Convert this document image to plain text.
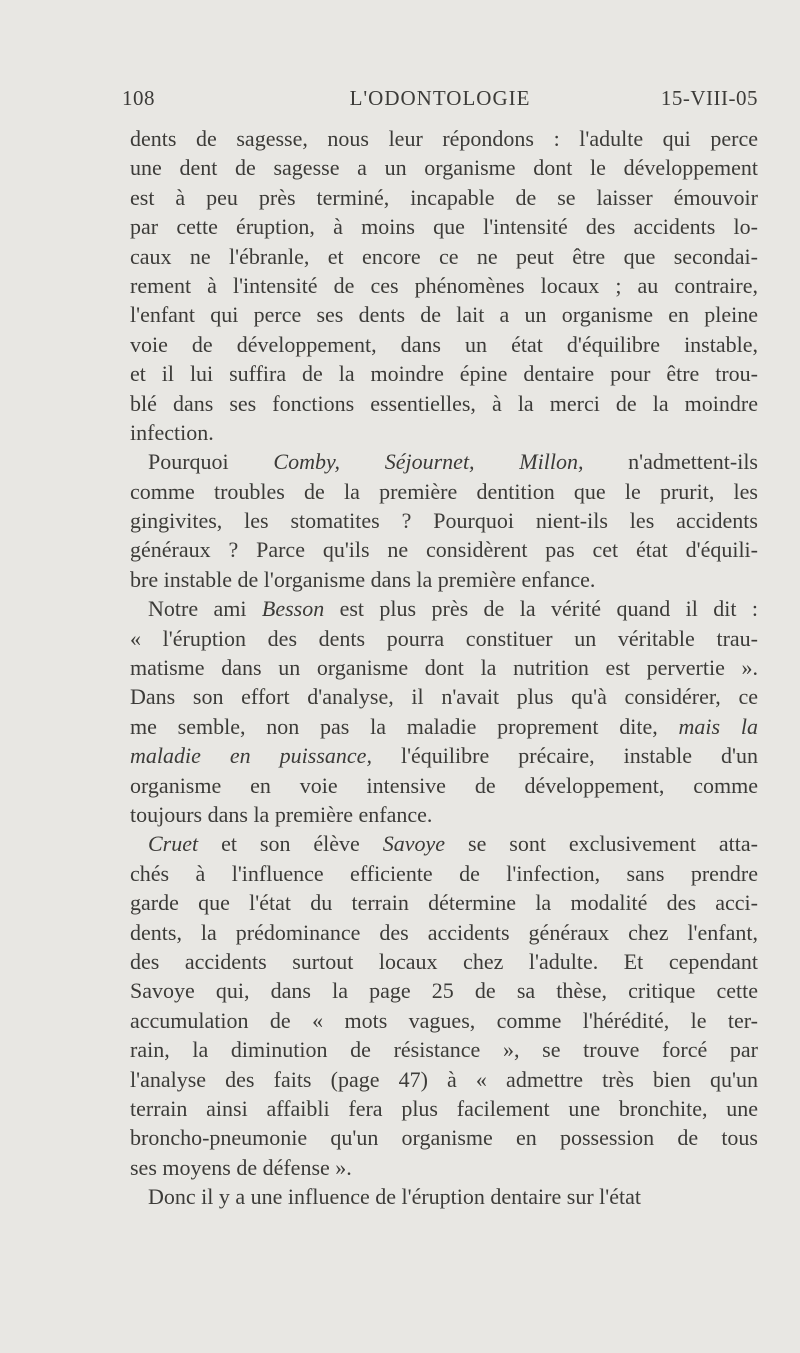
108	L'ODONTOLOGIE	15-VIII-05
dents de sagesse, nous leur répondons : l'adulte qui perce
une dent de sagesse a un organisme dont le développement
est à peu près terminé, incapable de se laisser émouvoir
par cette éruption, à moins que l'intensité des accidents lo-
caux ne l'ébranle, et encore ce ne peut être que secondai-
rement à l'intensité de ces phénomènes locaux ; au contraire,
l'enfant qui perce ses dents de lait a un organisme en pleine
voie de développement, dans un état d'équilibre instable,
et il lui suffira de la moindre épine dentaire pour être trou-
blé dans ses fonctions essentielles, à la merci de la moindre
infection.
Pourquoi Comby, Séjournet, Millon, n'admettent-ils
comme troubles de la première dentition que le prurit, les
gingivites, les stomatites ? Pourquoi nient-ils les accidents
généraux ? Parce qu'ils ne considèrent pas cet état d'équili-
bre instable de l'organisme dans la première enfance.
Notre ami Besson est plus près de la vérité quand il dit :
« l'éruption des dents pourra constituer un véritable trau-
matisme dans un organisme dont la nutrition est pervertie ».
Dans son effort d'analyse, il n'avait plus qu'à considérer, ce
me semble, non pas la maladie proprement dite, mais la
maladie en puissance, l'équilibre précaire, instable d'un
organisme en voie intensive de développement, comme
toujours dans la première enfance.
Cruet et son élève Savoye se sont exclusivement atta-
chés à l'influence efficiente de l'infection, sans prendre
garde que l'état du terrain détermine la modalité des acci-
dents, la prédominance des accidents généraux chez l'enfant,
des accidents surtout locaux chez l'adulte. Et cependant
Savoye qui, dans la page 25 de sa thèse, critique cette
accumulation de « mots vagues, comme l'hérédité, le ter-
rain, la diminution de résistance », se trouve forcé par
l'analyse des faits (page 47) à « admettre très bien qu'un
terrain ainsi affaibli fera plus facilement une bronchite, une
broncho-pneumonie qu'un organisme en possession de tous
ses moyens de défense ».
Donc il y a une influence de l'éruption dentaire sur l'état
